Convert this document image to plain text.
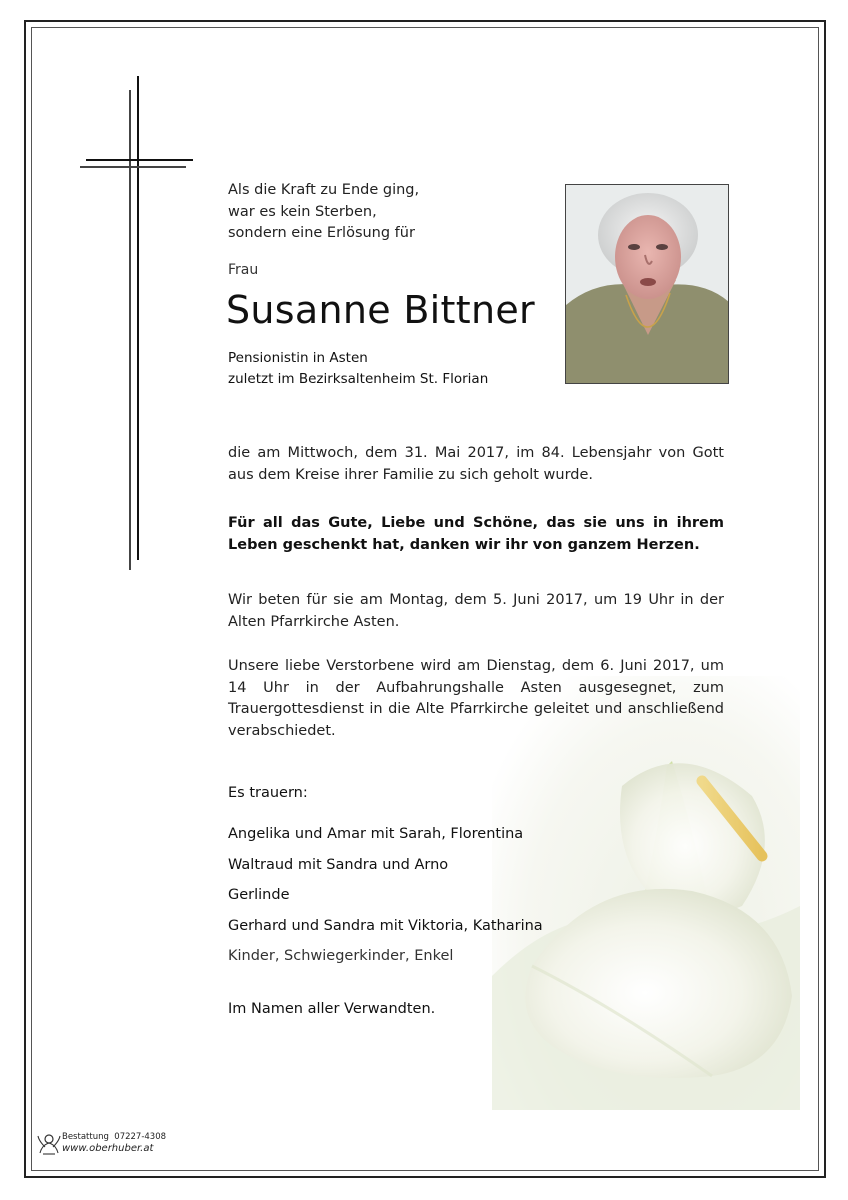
Als die Kraft zu Ende ging,
war es kein Sterben,
sondern eine Erlösung für
Frau
Susanne Bittner
Pensionistin in Asten
zuletzt im Bezirksaltenheim St. Florian

die am Mittwoch, dem 31. Mai 2017, im 84. Lebensjahr von Gott aus dem Kreise ihrer Familie zu sich geholt wurde.

Für all das Gute, Liebe und Schöne, das sie uns in ihrem Leben geschenkt hat, danken wir ihr von ganzem Herzen.

Wir beten für sie am Montag, dem 5. Juni 2017, um 19 Uhr in der Alten Pfarrkirche Asten.

Unsere liebe Verstorbene wird am Dienstag, dem 6. Juni 2017, um 14 Uhr in der Aufbahrungshalle Asten ausgesegnet, zum Trauergottesdienst in die Alte Pfarrkirche geleitet und anschließend verabschiedet.

Es trauern:
Angelika und Amar mit Sarah, Florentina
Waltraud mit Sandra und Arno
Gerlinde
Gerhard und Sandra mit Viktoria, Katharina
Kinder, Schwiegerkinder, Enkel
Im Namen aller Verwandten.
Bestattung 07227-4308
www.oberhuber.at
